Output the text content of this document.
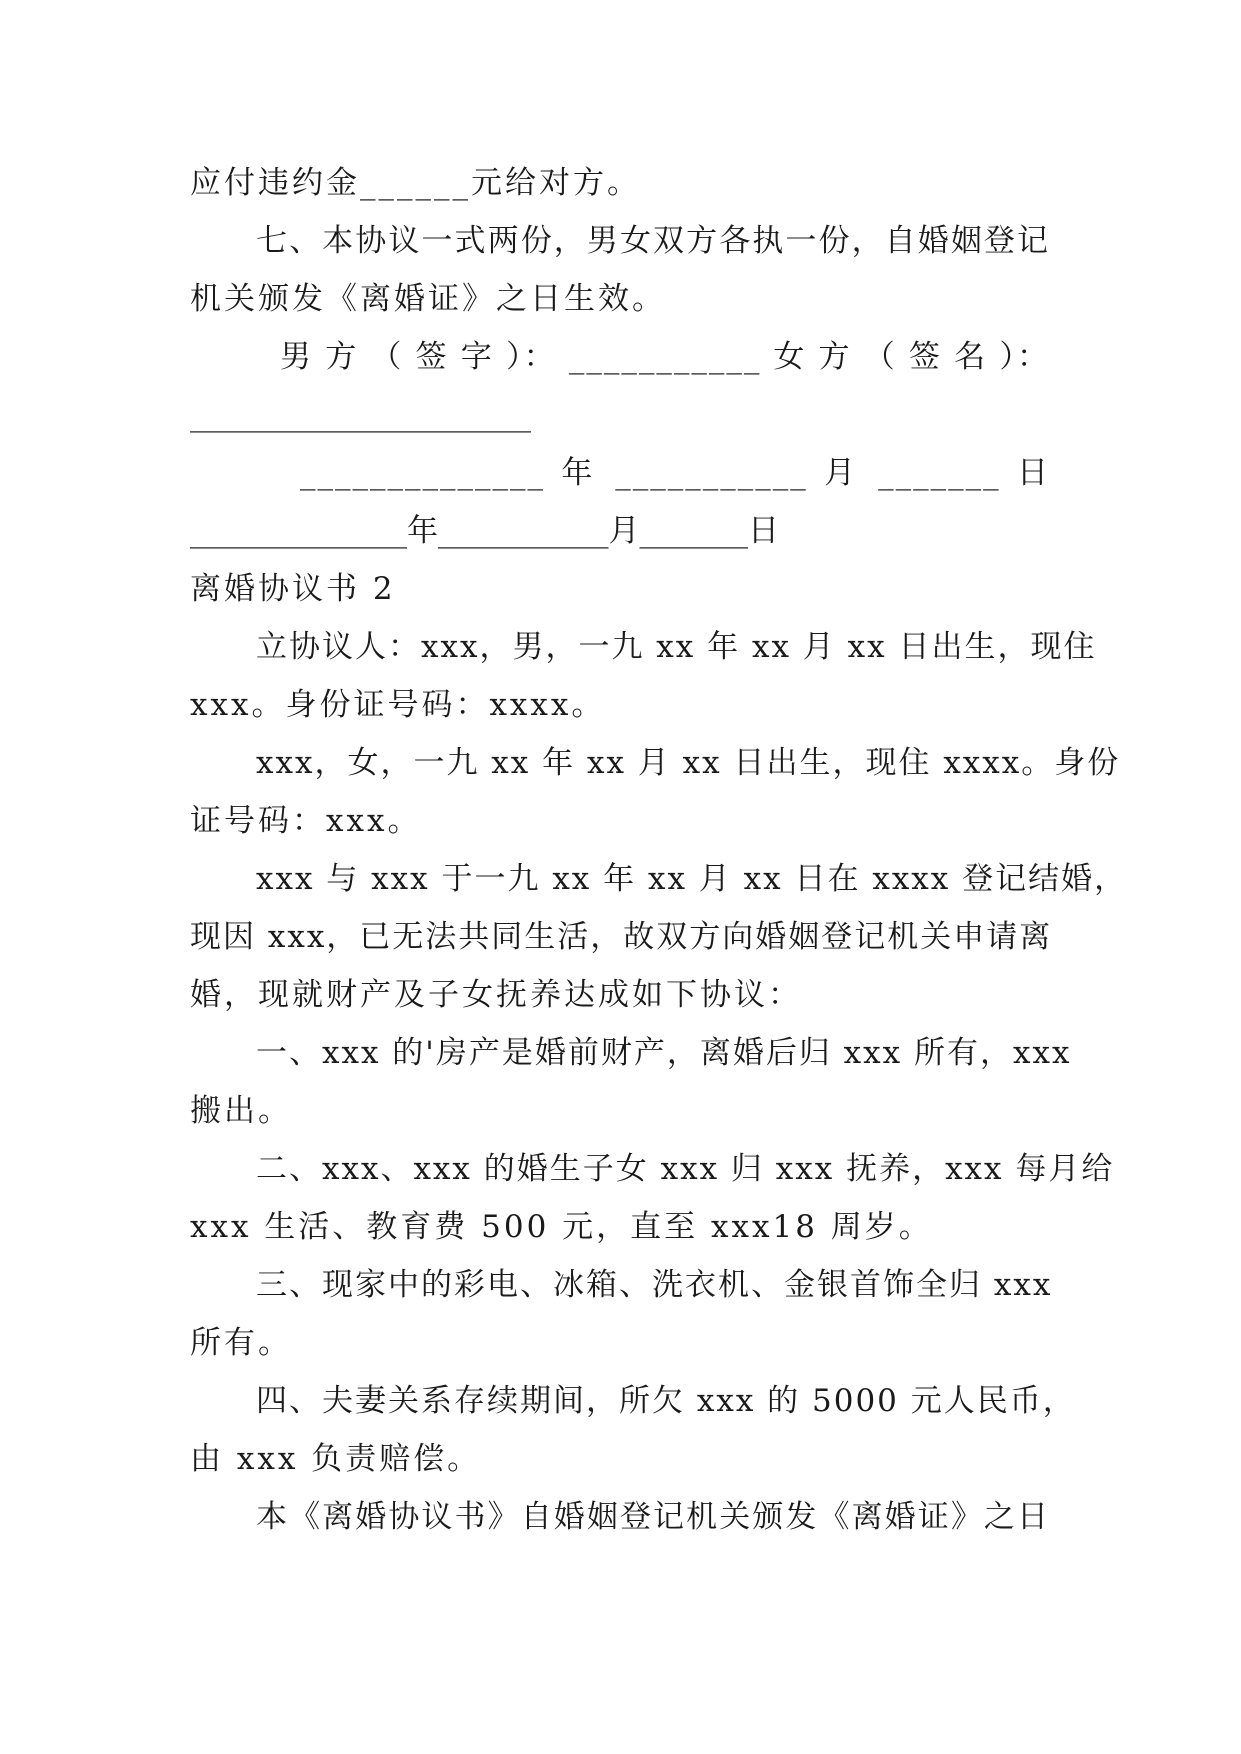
应付违约金______元给对方。
七、本协议一式两份，男女双方各执一份，自婚姻登记
机关颁发《离婚证》之日生效。
男 方 （ 签 字 ）： ___________ 女 方 （ 签 名 ）：
______________________
______________ 年 ___________ 月 _______ 日
______________年___________月_______日
离婚协议书 2
立协议人：xxx，男，一九 xx 年 xx 月 xx 日出生，现住
xxx。身份证号码：xxxx。
xxx，女，一九 xx 年 xx 月 xx 日出生，现住 xxxx。身份
证号码：xxx。
xxx 与 xxx 于一九 xx 年 xx 月 xx 日在 xxxx 登记结婚，
现因 xxx，已无法共同生活，故双方向婚姻登记机关申请离
婚，现就财产及子女抚养达成如下协议：
一、xxx 的'房产是婚前财产，离婚后归 xxx 所有，xxx
搬出。
二、xxx、xxx 的婚生子女 xxx 归 xxx 抚养，xxx 每月给
xxx 生活、教育费 500 元，直至 xxx18 周岁。
三、现家中的彩电、冰箱、洗衣机、金银首饰全归 xxx
所有。
四、夫妻关系存续期间，所欠 xxx 的 5000 元人民币，
由 xxx 负责赔偿。
本《离婚协议书》自婚姻登记机关颁发《离婚证》之日
